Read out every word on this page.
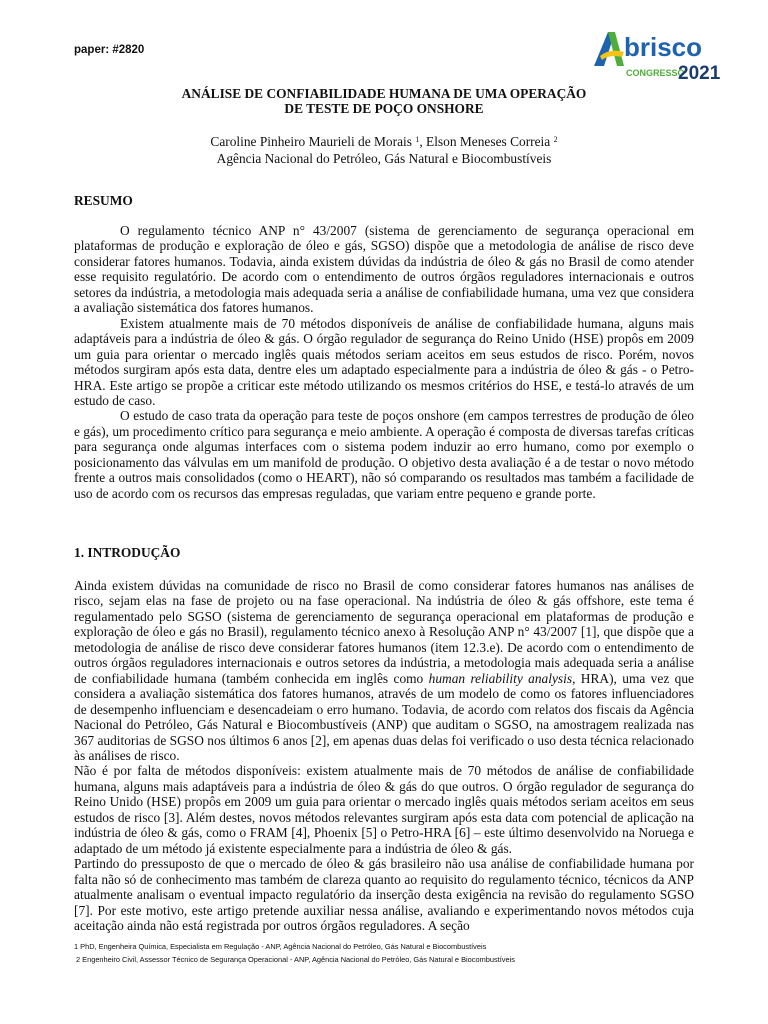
paper: #2820	brisco
CONGRESSO
2021
ANÁLISE DE CONFIABILIDADE HUMANA DE UMA OPERAÇÃO
DE TESTE DE POÇO ONSHORE
Caroline Pinheiro Maurieli de Morais $^1$, Elson Meneses Correia $^2$
Agência Nacional do Petróleo, Gás Natural e Biocombustíveis
RESUMO

O regulamento técnico ANP n° 43/2007 (sistema de gerenciamento de segurança operacional em plataformas de produção e exploração de óleo e gás, SGSO) dispõe que a metodologia de análise de risco deve considerar fatores humanos. Todavia, ainda existem dúvidas da indústria de óleo & gás no Brasil de como atender esse requisito regulatório. De acordo com o entendimento de outros órgãos reguladores internacionais e outros setores da indústria, a metodologia mais adequada seria a análise de confiabilidade humana, uma vez que considera a avaliação sistemática dos fatores humanos.

Existem atualmente mais de 70 métodos disponíveis de análise de confiabilidade humana, alguns mais adaptáveis para a indústria de óleo & gás. O órgão regulador de segurança do Reino Unido (HSE) propôs em 2009 um guia para orientar o mercado inglês quais métodos seriam aceitos em seus estudos de risco. Porém, novos métodos surgiram após esta data, dentre eles um adaptado especialmente para a indústria de óleo & gás - o Petro-HRA. Este artigo se propõe a criticar este método utilizando os mesmos critérios do HSE, e testá-lo através de um estudo de caso.

O estudo de caso trata da operação para teste de poços onshore (em campos terrestres de produção de óleo e gás), um procedimento crítico para segurança e meio ambiente. A operação é composta de diversas tarefas críticas para segurança onde algumas interfaces com o sistema podem induzir ao erro humano, como por exemplo o posicionamento das válvulas em um manifold de produção. O objetivo desta avaliação é a de testar o novo método frente a outros mais consolidados (como o HEART), não só comparando os resultados mas também a facilidade de uso de acordo com os recursos das empresas reguladas, que variam entre pequeno e grande porte.

1. INTRODUÇÃO

Ainda existem dúvidas na comunidade de risco no Brasil de como considerar fatores humanos nas análises de risco, sejam elas na fase de projeto ou na fase operacional. Na indústria de óleo & gás offshore, este tema é regulamentado pelo SGSO (sistema de gerenciamento de segurança operacional em plataformas de produção e exploração de óleo e gás no Brasil), regulamento técnico anexo à Resolução ANP n° 43/2007 [1], que dispõe que a metodologia de análise de risco deve considerar fatores humanos (item 12.3.e). De acordo com o entendimento de outros órgãos reguladores internacionais e outros setores da indústria, a metodologia mais adequada seria a análise de confiabilidade humana (também conhecida em inglês como human reliability analysis, HRA), uma vez que considera a avaliação sistemática dos fatores humanos, através de um modelo de como os fatores influenciadores de desempenho influenciam e desencadeiam o erro humano. Todavia, de acordo com relatos dos fiscais da Agência Nacional do Petróleo, Gás Natural e Biocombustíveis (ANP) que auditam o SGSO, na amostragem realizada nas 367 auditorias de SGSO nos últimos 6 anos [2], em apenas duas delas foi verificado o uso desta técnica relacionado às análises de risco.

Não é por falta de métodos disponíveis: existem atualmente mais de 70 métodos de análise de confiabilidade humana, alguns mais adaptáveis para a indústria de óleo & gás do que outros. O órgão regulador de segurança do Reino Unido (HSE) propôs em 2009 um guia para orientar o mercado inglês quais métodos seriam aceitos em seus estudos de risco [3]. Além destes, novos métodos relevantes surgiram após esta data com potencial de aplicação na indústria de óleo & gás, como o FRAM [4], Phoenix [5] o Petro-HRA [6] – este último desenvolvido na Noruega e adaptado de um método já existente especialmente para a indústria de óleo & gás.

Partindo do pressuposto de que o mercado de óleo & gás brasileiro não usa análise de confiabilidade humana por falta não só de conhecimento mas também de clareza quanto ao requisito do regulamento técnico, técnicos da ANP atualmente analisam o eventual impacto regulatório da inserção desta exigência na revisão do regulamento SGSO [7]. Por este motivo, este artigo pretende auxiliar nessa análise, avaliando e experimentando novos métodos cuja aceitação ainda não está registrada por outros órgãos reguladores. A seção

1 PhD, Engenheira Química, Especialista em Regulação - ANP, Agência Nacional do Petróleo, Gás Natural e Biocombustíveis
2 Engenheiro Civil, Assessor Técnico de Segurança Operacional - ANP, Agência Nacional do Petróleo, Gás Natural e Biocombustíveis
